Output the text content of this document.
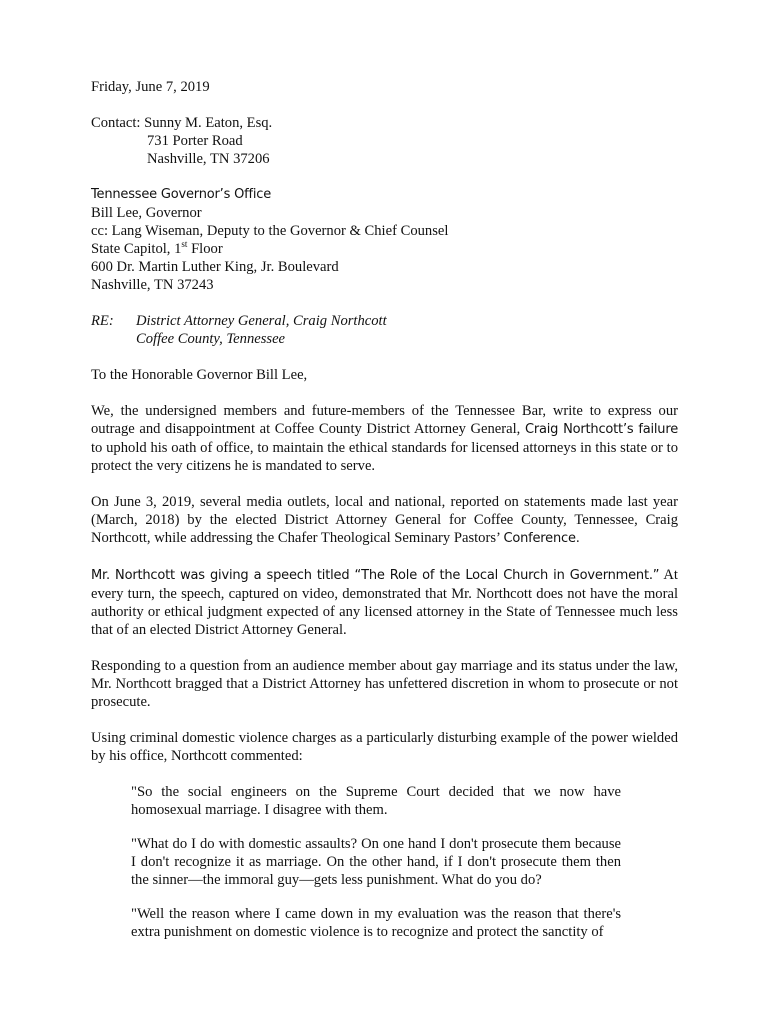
Friday, June 7, 2019
Contact: Sunny M. Eaton, Esq.
731 Porter Road
Nashville, TN 37206
Tennessee Governor’s Office
Bill Lee, Governor
cc: Lang Wiseman, Deputy to the Governor & Chief Counsel
State Capitol, 1st Floor
600 Dr. Martin Luther King, Jr. Boulevard
Nashville, TN 37243
RE:	District Attorney General, Craig Northcott
Coffee County, Tennessee
To the Honorable Governor Bill Lee,

We, the undersigned members and future-members of the Tennessee Bar, write to express our outrage and disappointment at Coffee County District Attorney General, Craig Northcott’s failure to uphold his oath of office, to maintain the ethical standards for licensed attorneys in this state or to protect the very citizens he is mandated to serve.

On June 3, 2019, several media outlets, local and national, reported on statements made last year (March, 2018) by the elected District Attorney General for Coffee County, Tennessee, Craig Northcott, while addressing the Chafer Theological Seminary Pastors’ Conference.

Mr. Northcott was giving a speech titled “The Role of the Local Church in Government.” At every turn, the speech, captured on video, demonstrated that Mr. Northcott does not have the moral authority or ethical judgment expected of any licensed attorney in the State of Tennessee much less that of an elected District Attorney General.

Responding to a question from an audience member about gay marriage and its status under the law, Mr. Northcott bragged that a District Attorney has unfettered discretion in whom to prosecute or not prosecute.

Using criminal domestic violence charges as a particularly disturbing example of the power wielded by his office, Northcott commented:

"So the social engineers on the Supreme Court decided that we now have homosexual marriage. I disagree with them.
"What do I do with domestic assaults? On one hand I don't prosecute them because I don't recognize it as marriage. On the other hand, if I don't prosecute them then the sinner—the immoral guy—gets less punishment. What do you do?
"Well the reason where I came down in my evaluation was the reason that there's extra punishment on domestic violence is to recognize and protect the sanctity of
